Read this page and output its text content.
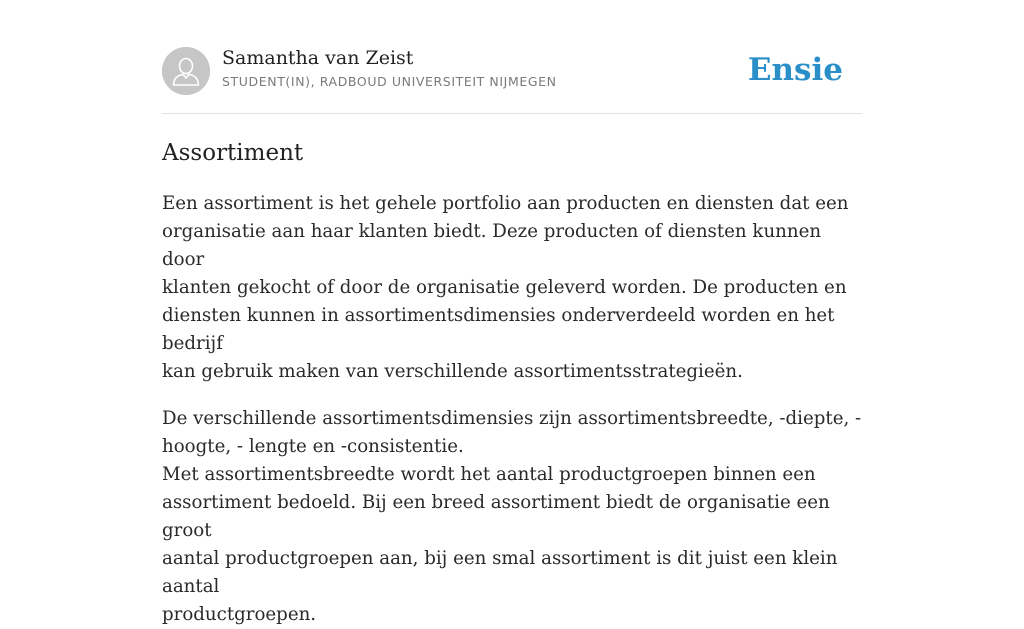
Samantha van Zeist
STUDENT(IN), RADBOUD UNIVERSITEIT NIJMEGEN	Ensie
Assortiment

Een assortiment is het gehele portfolio aan producten en diensten dat een
organisatie aan haar klanten biedt. Deze producten of diensten kunnen door
klanten gekocht of door de organisatie geleverd worden. De producten en
diensten kunnen in assortimentsdimensies onderverdeeld worden en het bedrijf
kan gebruik maken van verschillende assortimentsstrategieën.

De verschillende assortimentsdimensies zijn assortimentsbreedte, -diepte, -
hoogte, - lengte en -consistentie.
Met assortimentsbreedte wordt het aantal productgroepen binnen een
assortiment bedoeld. Bij een breed assortiment biedt de organisatie een groot
aantal productgroepen aan, bij een smal assortiment is dit juist een klein aantal
productgroepen.
